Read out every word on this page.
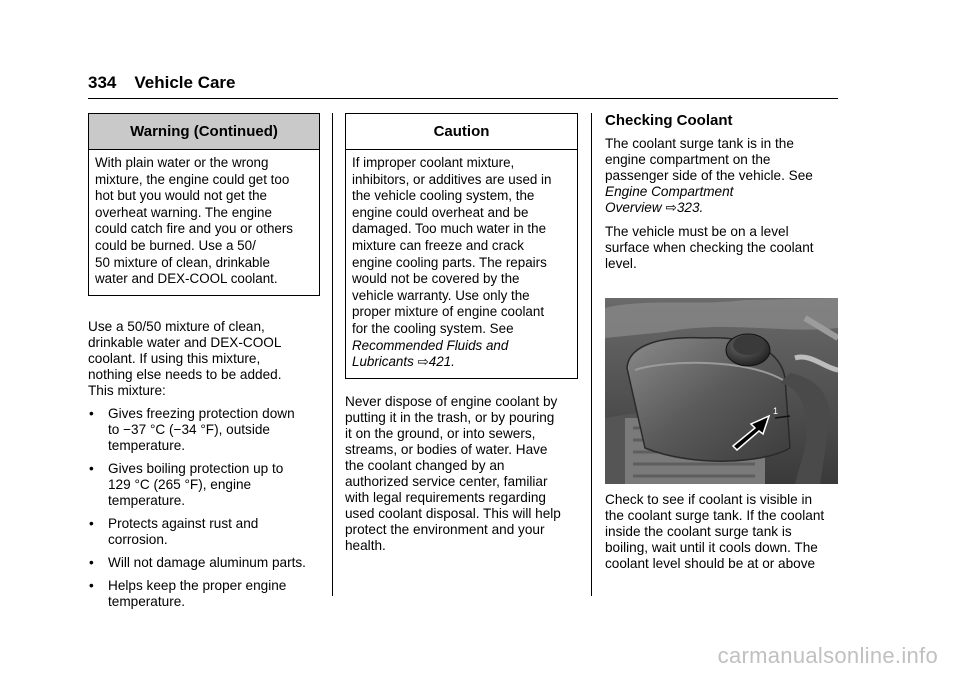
334 Vehicle Care
Warning (Continued)
With plain water or the wrong
mixture, the engine could get too
hot but you would not get the
overheat warning. The engine
could catch fire and you or others
could be burned. Use a 50/
50 mixture of clean, drinkable
water and DEX-COOL coolant.
Use a 50/50 mixture of clean,
drinkable water and DEX-COOL
coolant. If using this mixture,
nothing else needs to be added.
This mixture:
•	Gives freezing protection down
to −37 °C (−34 °F), outside
temperature.
•	Gives boiling protection up to
129 °C (265 °F), engine
temperature.
•	Protects against rust and
corrosion.
•	Will not damage aluminum parts.
•	Helps keep the proper engine
temperature.
Caution
If improper coolant mixture,
inhibitors, or additives are used in
the vehicle cooling system, the
engine could overheat and be
damaged. Too much water in the
mixture can freeze and crack
engine cooling parts. The repairs
would not be covered by the
vehicle warranty. Use only the
proper mixture of engine coolant
for the cooling system. See
Recommended Fluids and
Lubricants ⇨421.
Never dispose of engine coolant by
putting it in the trash, or by pouring
it on the ground, or into sewers,
streams, or bodies of water. Have
the coolant changed by an
authorized service center, familiar
with legal requirements regarding
used coolant disposal. This will help
protect the environment and your
health.
Checking Coolant
The coolant surge tank is in the
engine compartment on the
passenger side of the vehicle. See
Engine Compartment
Overview ⇨323.
The vehicle must be on a level
surface when checking the coolant
level.
1
Check to see if coolant is visible in
the coolant surge tank. If the coolant
inside the coolant surge tank is
boiling, wait until it cools down. The
coolant level should be at or above
carmanualsonline.info
